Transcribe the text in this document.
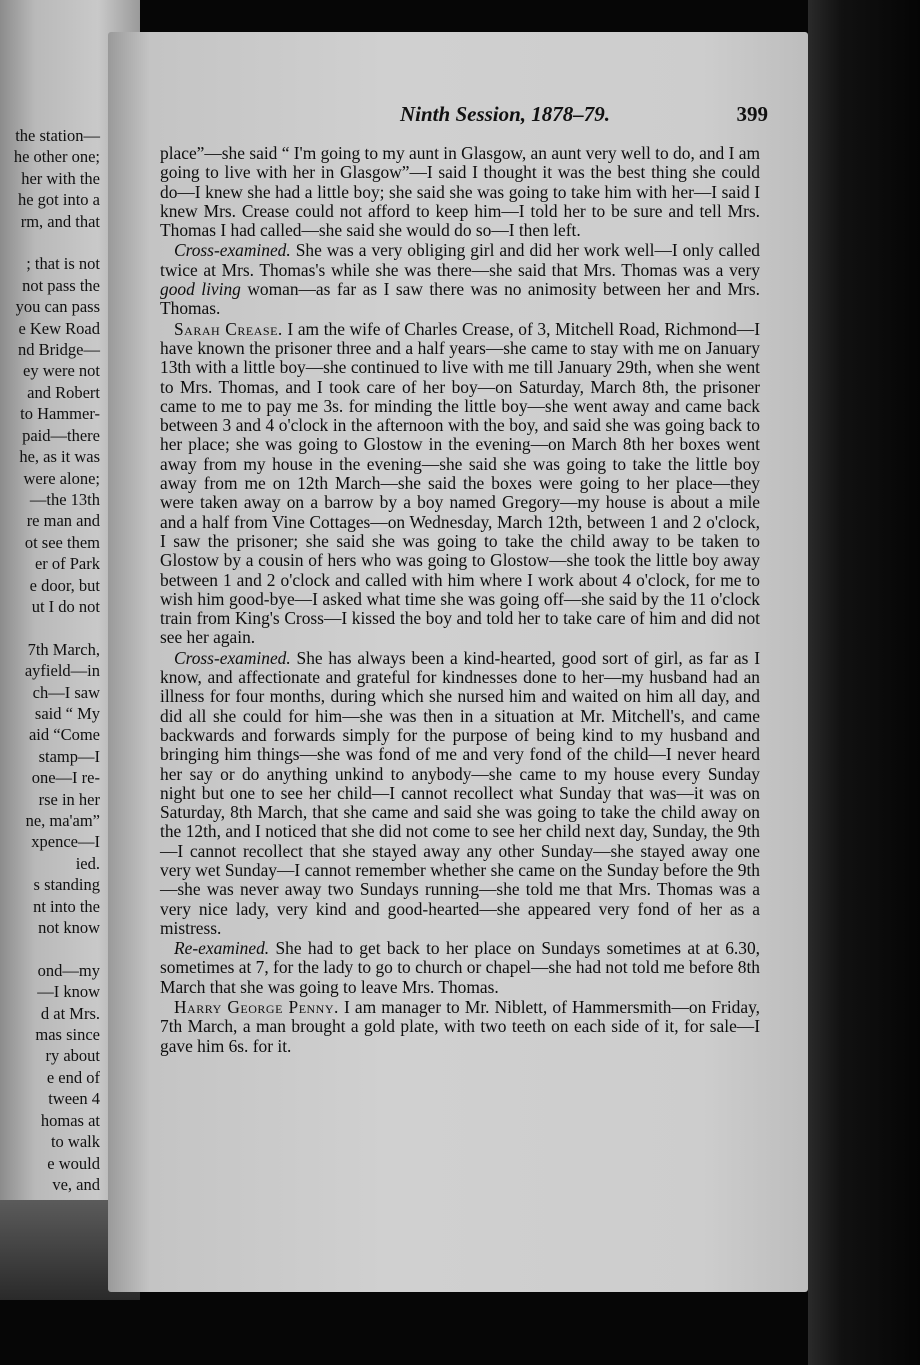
the station—
he other one;
her with the
he got into a
rm, and that

; that is not
not pass the
you can pass
e Kew Road
nd Bridge—
ey were not
and Robert
to Hammer-
paid—there
he, as it was
were alone;
—the 13th
re man and
ot see them
er of Park
e door, but
ut I do not

7th March,
ayfield—in
ch—I saw
said “ My
aid “Come
stamp—I
one—I re-
rse in her
ne, ma'am”
xpence—I
ied.
s standing
nt into the
not know

ond—my
—I know
d at Mrs.
mas since
ry about
e end of
tween 4
homas at
to walk
e would
ve, and
Ninth Session, 1878–79.	399

place”—she said “ I'm going to my aunt in Glasgow, an aunt very well to do, and I am going to live with her in Glasgow”—I said I thought it was the best thing she could do—I knew she had a little boy; she said she was going to take him with her—I said I knew Mrs. Crease could not afford to keep him—I told her to be sure and tell Mrs. Thomas I had called—she said she would do so—I then left.

Cross-examined. She was a very obliging girl and did her work well—I only called twice at Mrs. Thomas's while she was there—she said that Mrs. Thomas was a very good living woman—as far as I saw there was no animosity between her and Mrs. Thomas.

Sarah Crease. I am the wife of Charles Crease, of 3, Mitchell Road, Richmond—I have known the prisoner three and a half years—she came to stay with me on January 13th with a little boy—she continued to live with me till January 29th, when she went to Mrs. Thomas, and I took care of her boy—on Saturday, March 8th, the prisoner came to me to pay me 3s. for minding the little boy—she went away and came back between 3 and 4 o'clock in the afternoon with the boy, and said she was going back to her place; she was going to Glostow in the evening—on March 8th her boxes went away from my house in the evening—she said she was going to take the little boy away from me on 12th March—she said the boxes were going to her place—they were taken away on a barrow by a boy named Gregory—my house is about a mile and a half from Vine Cottages—on Wednesday, March 12th, between 1 and 2 o'clock, I saw the prisoner; she said she was going to take the child away to be taken to Glostow by a cousin of hers who was going to Glostow—she took the little boy away between 1 and 2 o'clock and called with him where I work about 4 o'clock, for me to wish him good-bye—I asked what time she was going off—she said by the 11 o'clock train from King's Cross—I kissed the boy and told her to take care of him and did not see her again.

Cross-examined. She has always been a kind-hearted, good sort of girl, as far as I know, and affectionate and grateful for kindnesses done to her—my husband had an illness for four months, during which she nursed him and waited on him all day, and did all she could for him—she was then in a situation at Mr. Mitchell's, and came backwards and forwards simply for the purpose of being kind to my husband and bringing him things—she was fond of me and very fond of the child—I never heard her say or do anything unkind to anybody—she came to my house every Sunday night but one to see her child—I cannot recollect what Sunday that was—it was on Saturday, 8th March, that she came and said she was going to take the child away on the 12th, and I noticed that she did not come to see her child next day, Sunday, the 9th—I cannot recollect that she stayed away any other Sunday—she stayed away one very wet Sunday—I cannot remember whether she came on the Sunday before the 9th—she was never away two Sundays running—she told me that Mrs. Thomas was a very nice lady, very kind and good-hearted—she appeared very fond of her as a mistress.

Re-examined. She had to get back to her place on Sundays sometimes at at 6.30, sometimes at 7, for the lady to go to church or chapel—she had not told me before 8th March that she was going to leave Mrs. Thomas.

Harry George Penny. I am manager to Mr. Niblett, of Hammersmith—on Friday, 7th March, a man brought a gold plate, with two teeth on each side of it, for sale—I gave him 6s. for it.
